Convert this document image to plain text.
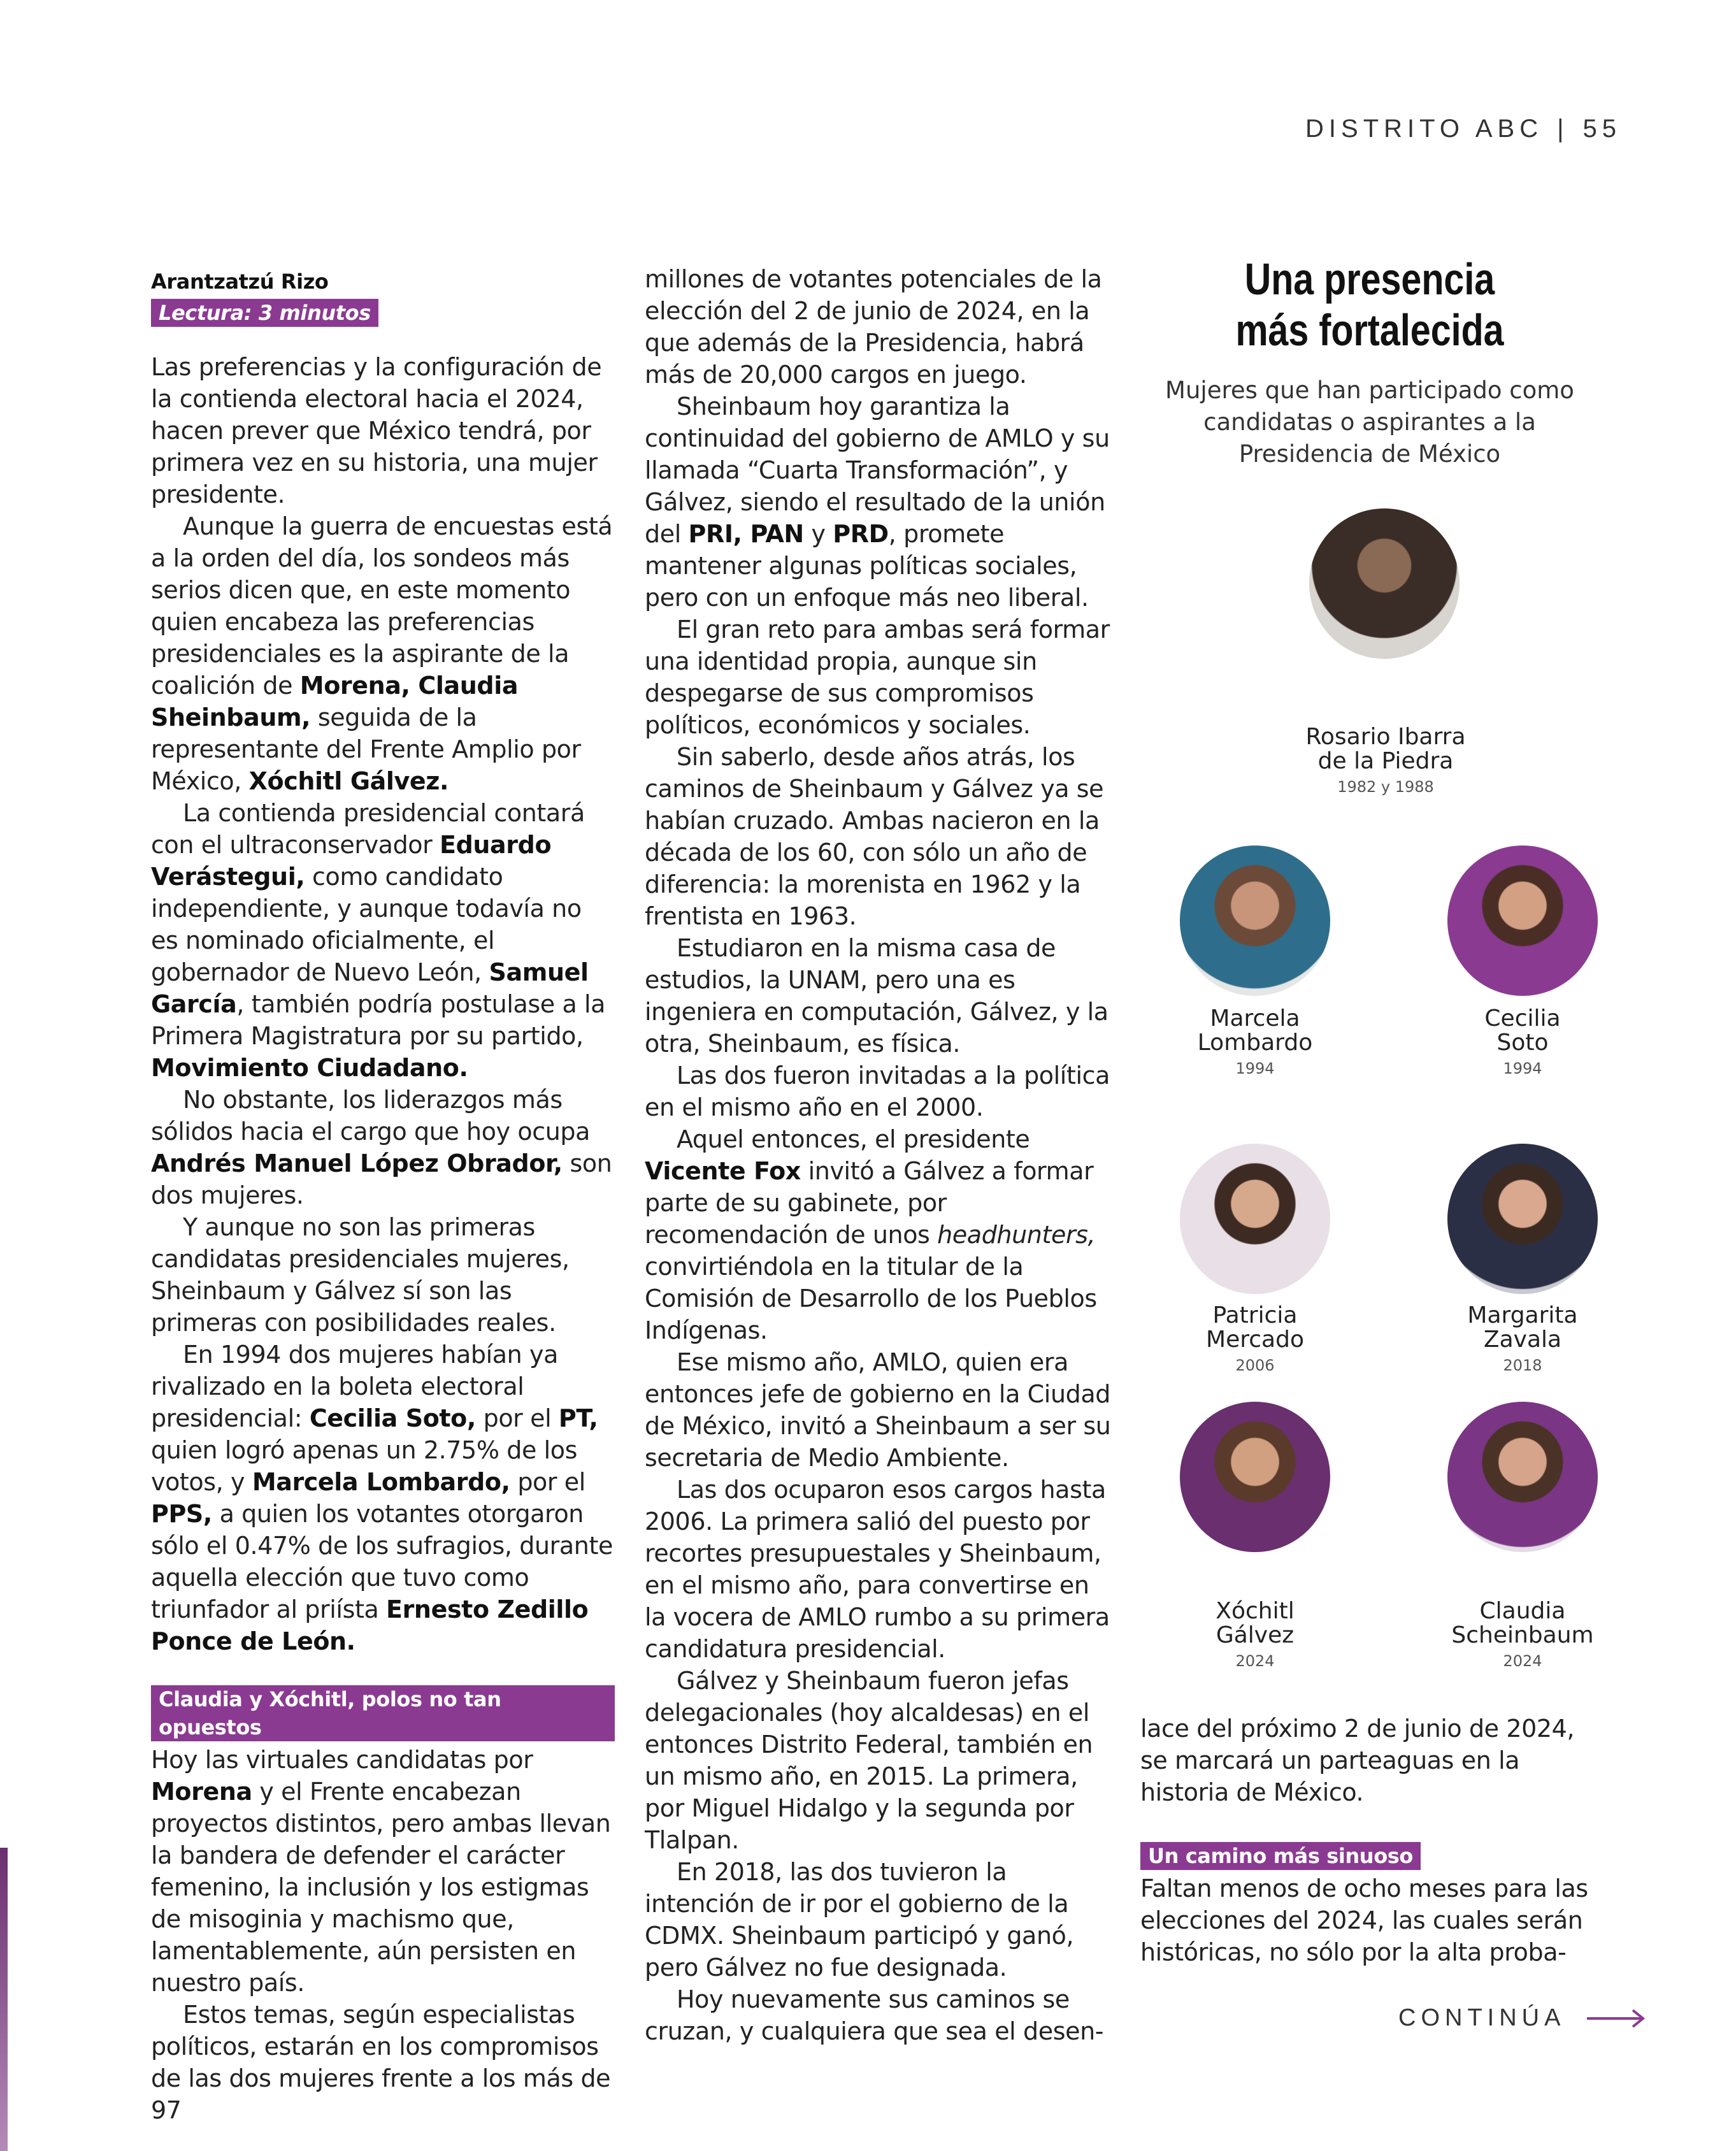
DISTRITO ABC | 55
Arantzatzú Rizo
Lectura: 3 minutos

Las preferencias y la configuración de la contienda electoral hacia el 2024, hacen prever que México tendrá, por primera vez en su historia, una mujer presidente.

Aunque la guerra de encuestas está a la orden del día, los sondeos más serios dicen que, en este momento quien encabeza las preferencias presidenciales es la aspirante de la coalición de Morena, Claudia Sheinbaum, seguida de la representante del Frente Amplio por México, Xóchitl Gálvez.

La contienda presidencial contará con el ultraconservador Eduardo Verástegui, como candidato independiente, y aunque todavía no es nominado oficialmente, el gobernador de Nuevo León, Samuel García, también podría postulase a la Primera Magistratura por su partido, Movimiento Ciudadano.

No obstante, los liderazgos más sólidos hacia el cargo que hoy ocupa Andrés Manuel López Obrador, son dos mujeres.

Y aunque no son las primeras candidatas presidenciales mujeres, Sheinbaum y Gálvez sí son las primeras con posibilidades reales.

En 1994 dos mujeres habían ya rivalizado en la boleta electoral presidencial: Cecilia Soto, por el PT, quien logró apenas un 2.75% de los votos, y Marcela Lombardo, por el PPS, a quien los votantes otorgaron sólo el 0.47% de los sufragios, durante aquella elección que tuvo como triunfador al priísta Ernesto Zedillo Ponce de León.

Claudia y Xóchitl, polos no tan opuestos

Hoy las virtuales candidatas por Morena y el Frente encabezan proyectos distintos, pero ambas llevan la bandera de defender el carácter femenino, la inclusión y los estigmas de misoginia y machismo que, lamentablemente, aún persisten en nuestro país.

Estos temas, según especialistas políticos, estarán en los compromisos de las dos mujeres frente a los más de 97

millones de votantes potenciales de la elección del 2 de junio de 2024, en la que además de la Presidencia, habrá más de 20,000 cargos en juego.

Sheinbaum hoy garantiza la continuidad del gobierno de AMLO y su llamada “Cuarta Transformación”, y Gálvez, siendo el resultado de la unión del PRI, PAN y PRD, promete mantener algunas políticas sociales, pero con un enfoque más neo liberal.

El gran reto para ambas será formar una identidad propia, aunque sin despegarse de sus compromisos políticos, económicos y sociales.

Sin saberlo, desde años atrás, los caminos de Sheinbaum y Gálvez ya se habían cruzado. Ambas nacieron en la década de los 60, con sólo un año de diferencia: la morenista en 1962 y la frentista en 1963.

Estudiaron en la misma casa de estudios, la UNAM, pero una es ingeniera en computación, Gálvez, y la otra, Sheinbaum, es física.

Las dos fueron invitadas a la política en el mismo año en el 2000.

Aquel entonces, el presidente Vicente Fox invitó a Gálvez a formar parte de su gabinete, por recomendación de unos headhunters, convirtiéndola en la titular de la Comisión de Desarrollo de los Pueblos Indígenas.

Ese mismo año, AMLO, quien era entonces jefe de gobierno en la Ciudad de México, invitó a Sheinbaum a ser su secretaria de Medio Ambiente.

Las dos ocuparon esos cargos hasta 2006. La primera salió del puesto por recortes presupuestales y Sheinbaum, en el mismo año, para convertirse en la vocera de AMLO rumbo a su primera candidatura presidencial.

Gálvez y Sheinbaum fueron jefas delegacionales (hoy alcaldesas) en el entonces Distrito Federal, también en un mismo año, en 2015. La primera, por Miguel Hidalgo y la segunda por Tlalpan.

En 2018, las dos tuvieron la intención de ir por el gobierno de la CDMX. Sheinbaum participó y ganó, pero Gálvez no fue designada.

Hoy nuevamente sus caminos se cruzan, y cualquiera que sea el desen-

Una presencia
más fortalecida
Mujeres que han participado como candidatas o aspirantes a la Presidencia de México
Rosario Ibarra
de la Piedra
1982 y 1988
Marcela
Lombardo
1994
Cecilia
Soto
1994
Patricia
Mercado
2006
Margarita
Zavala
2018
Xóchitl
Gálvez
2024
Claudia
Scheinbaum
2024

lace del próximo 2 de junio de 2024, se marcará un parteaguas en la historia de México.

Un camino más sinuoso

Faltan menos de ocho meses para las elecciones del 2024, las cuales serán históricas, no sólo por la alta proba-

CONTINÚA
